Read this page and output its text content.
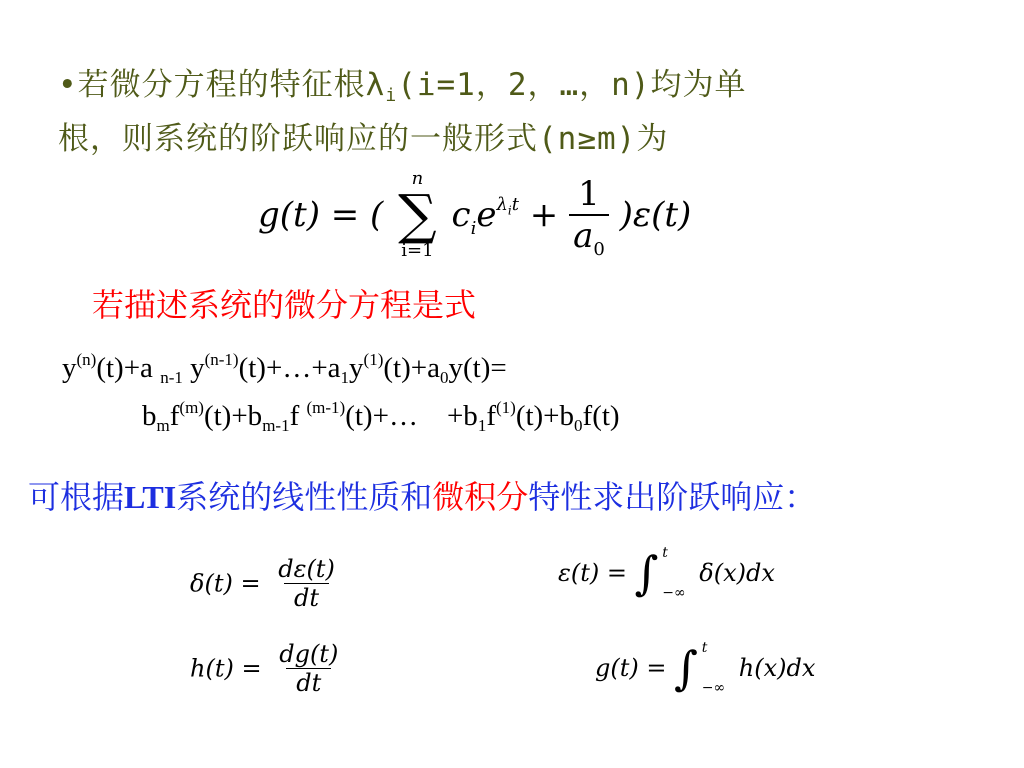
•若微分方程的特征根$\lambda_i(i=1$，2，…，n)均为单
根，则系统的阶跃响应的一般形式(n≥m)为
g(t) = (
n
∑
i=1
$c_ie^{\lambda_it} + \frac{1}{a_0} )\varepsilon(t)$
若描述系统的微分方程是式
$y^{(n)}(t)+a$ $_{n-1}$ $y^{(n-1)}(t)+\dots+a_1y^{(1)}(t)+a_0y(t)=$
$b_mf^{(m)}(t)+b_{m-1}f$ $^{(m-1)}$(t)+…    $+b_1f^{(1)}(t)+b_0f(t)$
可根据LTI系统的线性性质和微积分特性求出阶跃响应：
$\delta(t) = \frac{d\varepsilon(t)}{dt}$
$h(t) = \frac{dg(t)}{dt}$
ε(t) = ∫ t
−∞
δ(x)dx
g(t) = ∫ t
−∞
h(x)dx
